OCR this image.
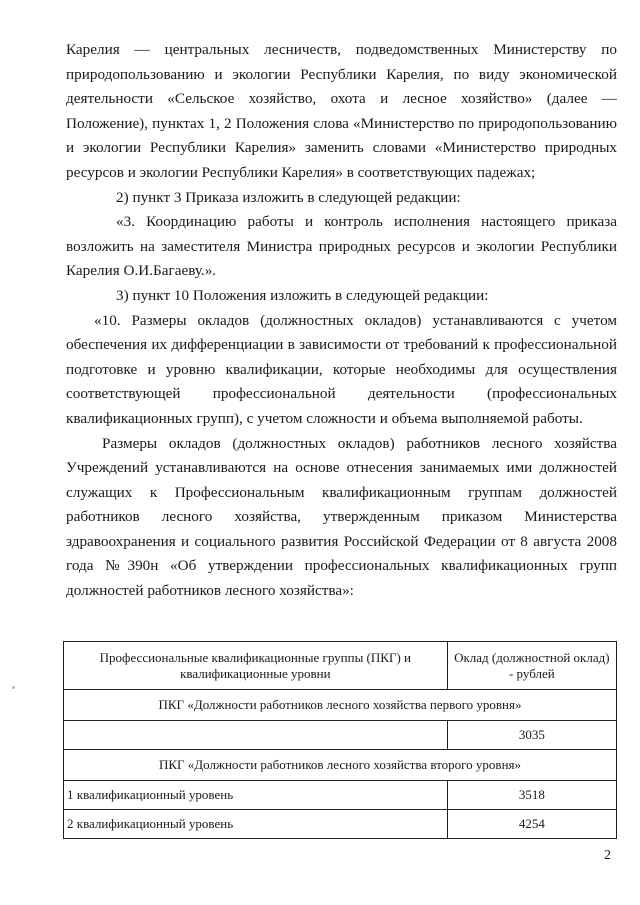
Карелия — центральных лесничеств, подведомственных Министерству по
природопользованию и экологии Республики Карелия, по виду экономической
деятельности «Сельское хозяйство, охота и лесное хозяйство» (далее —
Положение), пунктах 1, 2 Положения слова «Министерство по природопользованию
и экологии Республики Карелия» заменить словами «Министерство природных
ресурсов и экологии Республики Карелия» в соответствующих падежах;
2) пункт 3 Приказа изложить в следующей редакции:
«3. Координацию работы и контроль исполнения настоящего приказа
возложить на заместителя Министра природных ресурсов и экологии Республики
Карелия О.И.Багаеву.».
3) пункт 10 Положения изложить в следующей редакции:
«10. Размеры окладов (должностных окладов) устанавливаются с учетом
обеспечения их дифференциации в зависимости от требований к профессиональной
подготовке и уровню квалификации, которые необходимы для осуществления
соответствующей профессиональной деятельности (профессиональных
квалификационных групп), с учетом сложности и объема выполняемой работы.
Размеры окладов (должностных окладов) работников лесного хозяйства
Учреждений устанавливаются на основе отнесения занимаемых ими должностей
служащих к Профессиональным квалификационным группам должностей
работников лесного хозяйства, утвержденным приказом Министерства
здравоохранения и социального развития Российской Федерации от 8 августа 2008
года №390н «Об утверждении профессиональных квалификационных групп
должностей работников лесного хозяйства»:
Профессиональные квалификационные группы (ПКГ) и квалификационные уровни	Оклад (должностной оклад) - рублей
ПКГ «Должности работников лесного хозяйства первого уровня»	
	3035
ПКГ «Должности работников лесного хозяйства второго уровня»	
1 квалификационный уровень	3518
2 квалификационный уровень	4254
2
